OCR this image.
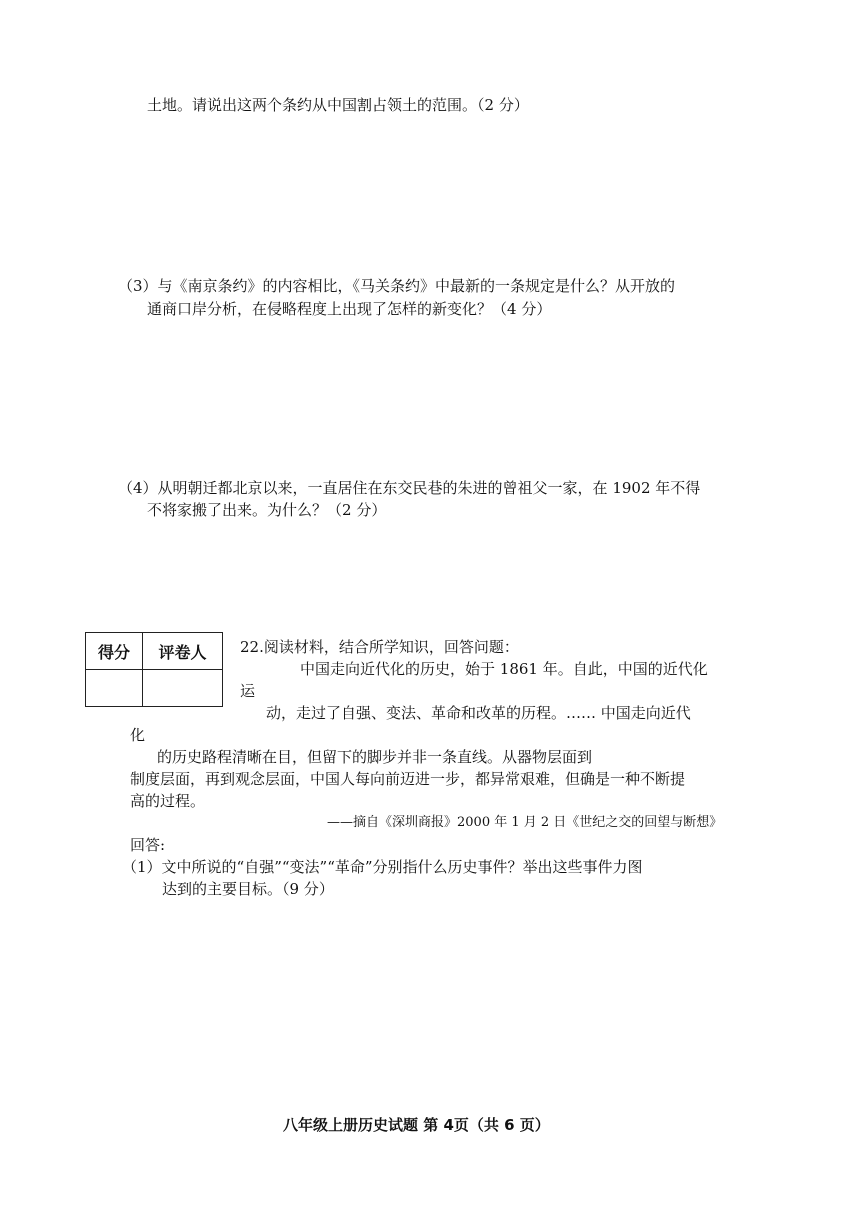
土地。请说出这两个条约从中国割占领土的范围。（2 分）
（3）与《南京条约》的内容相比，《马关条约》中最新的一条规定是什么？从开放的
通商口岸分析，在侵略程度上出现了怎样的新变化？（4 分）
（4）从明朝迁都北京以来，一直居住在东交民巷的朱进的曾祖父一家，在 1902 年不得
不将家搬了出来。为什么？（2 分）
得分	评卷人
	22.阅读材料，结合所学知识，回答问题：
中国走向近代化的历史，始于 1861 年。自此，中国的近代化
运
动，走过了自强、变法、革命和改革的历程。…… 中国走向近代
化
的历史路程清晰在目，但留下的脚步并非一条直线。从器物层面到
制度层面，再到观念层面，中国人每向前迈进一步，都异常艰难，但确是一种不断提
高的过程。
——摘自《深圳商报》2000 年 1 月 2 日《世纪之交的回望与断想》
回答:
（1）文中所说的“自强”“变法”“革命”分别指什么历史事件？举出这些事件力图
达到的主要目标。（9 分）
八年级上册历史试题 第 4页（共 6 页）
